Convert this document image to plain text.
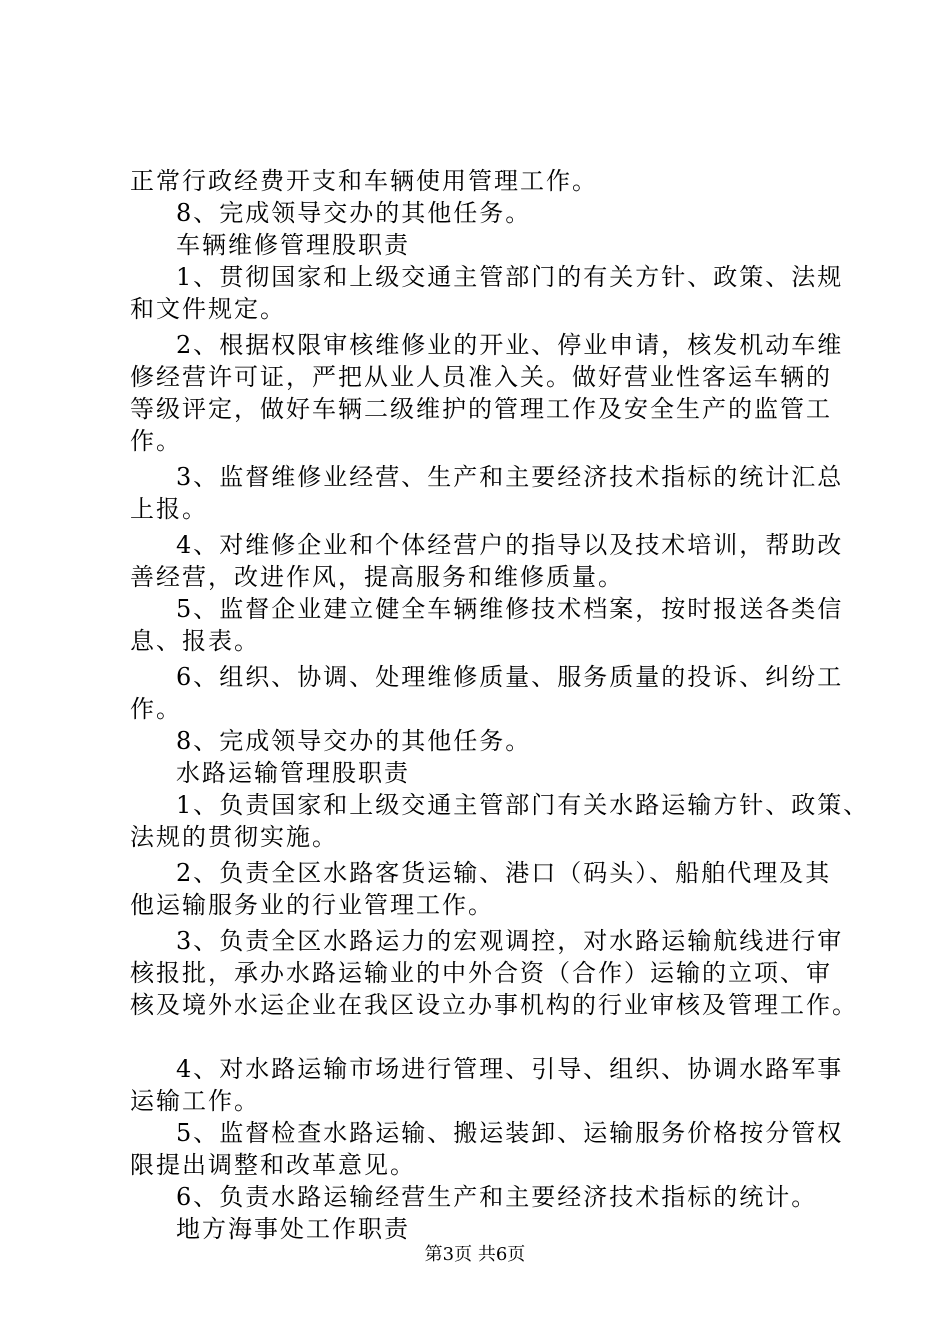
正常行政经费开支和车辆使用管理工作。

8、完成领导交办的其他任务。

车辆维修管理股职责

1、贯彻国家和上级交通主管部门的有关方针、政策、法规

和文件规定。

2、根据权限审核维修业的开业、停业申请，核发机动车维

修经营许可证，严把从业人员准入关。做好营业性客运车辆的

等级评定，做好车辆二级维护的管理工作及安全生产的监管工

作。

3、监督维修业经营、生产和主要经济技术指标的统计汇总

上报。

4、对维修企业和个体经营户的指导以及技术培训，帮助改

善经营，改进作风，提高服务和维修质量。

5、监督企业建立健全车辆维修技术档案，按时报送各类信

息、报表。

6、组织、协调、处理维修质量、服务质量的投诉、纠纷工

作。

8、完成领导交办的其他任务。

水路运输管理股职责

1、负责国家和上级交通主管部门有关水路运输方针、政策、

法规的贯彻实施。

2、负责全区水路客货运输、港口（码头）、船舶代理及其

他运输服务业的行业管理工作。

3、负责全区水路运力的宏观调控，对水路运输航线进行审

核报批，承办水路运输业的中外合资（合作）运输的立项、审

核及境外水运企业在我区设立办事机构的行业审核及管理工作。

4、对水路运输市场进行管理、引导、组织、协调水路军事

运输工作。

5、监督检查水路运输、搬运装卸、运输服务价格按分管权

限提出调整和改革意见。

6、负责水路运输经营生产和主要经济技术指标的统计。

地方海事处工作职责

第3页 共6页
